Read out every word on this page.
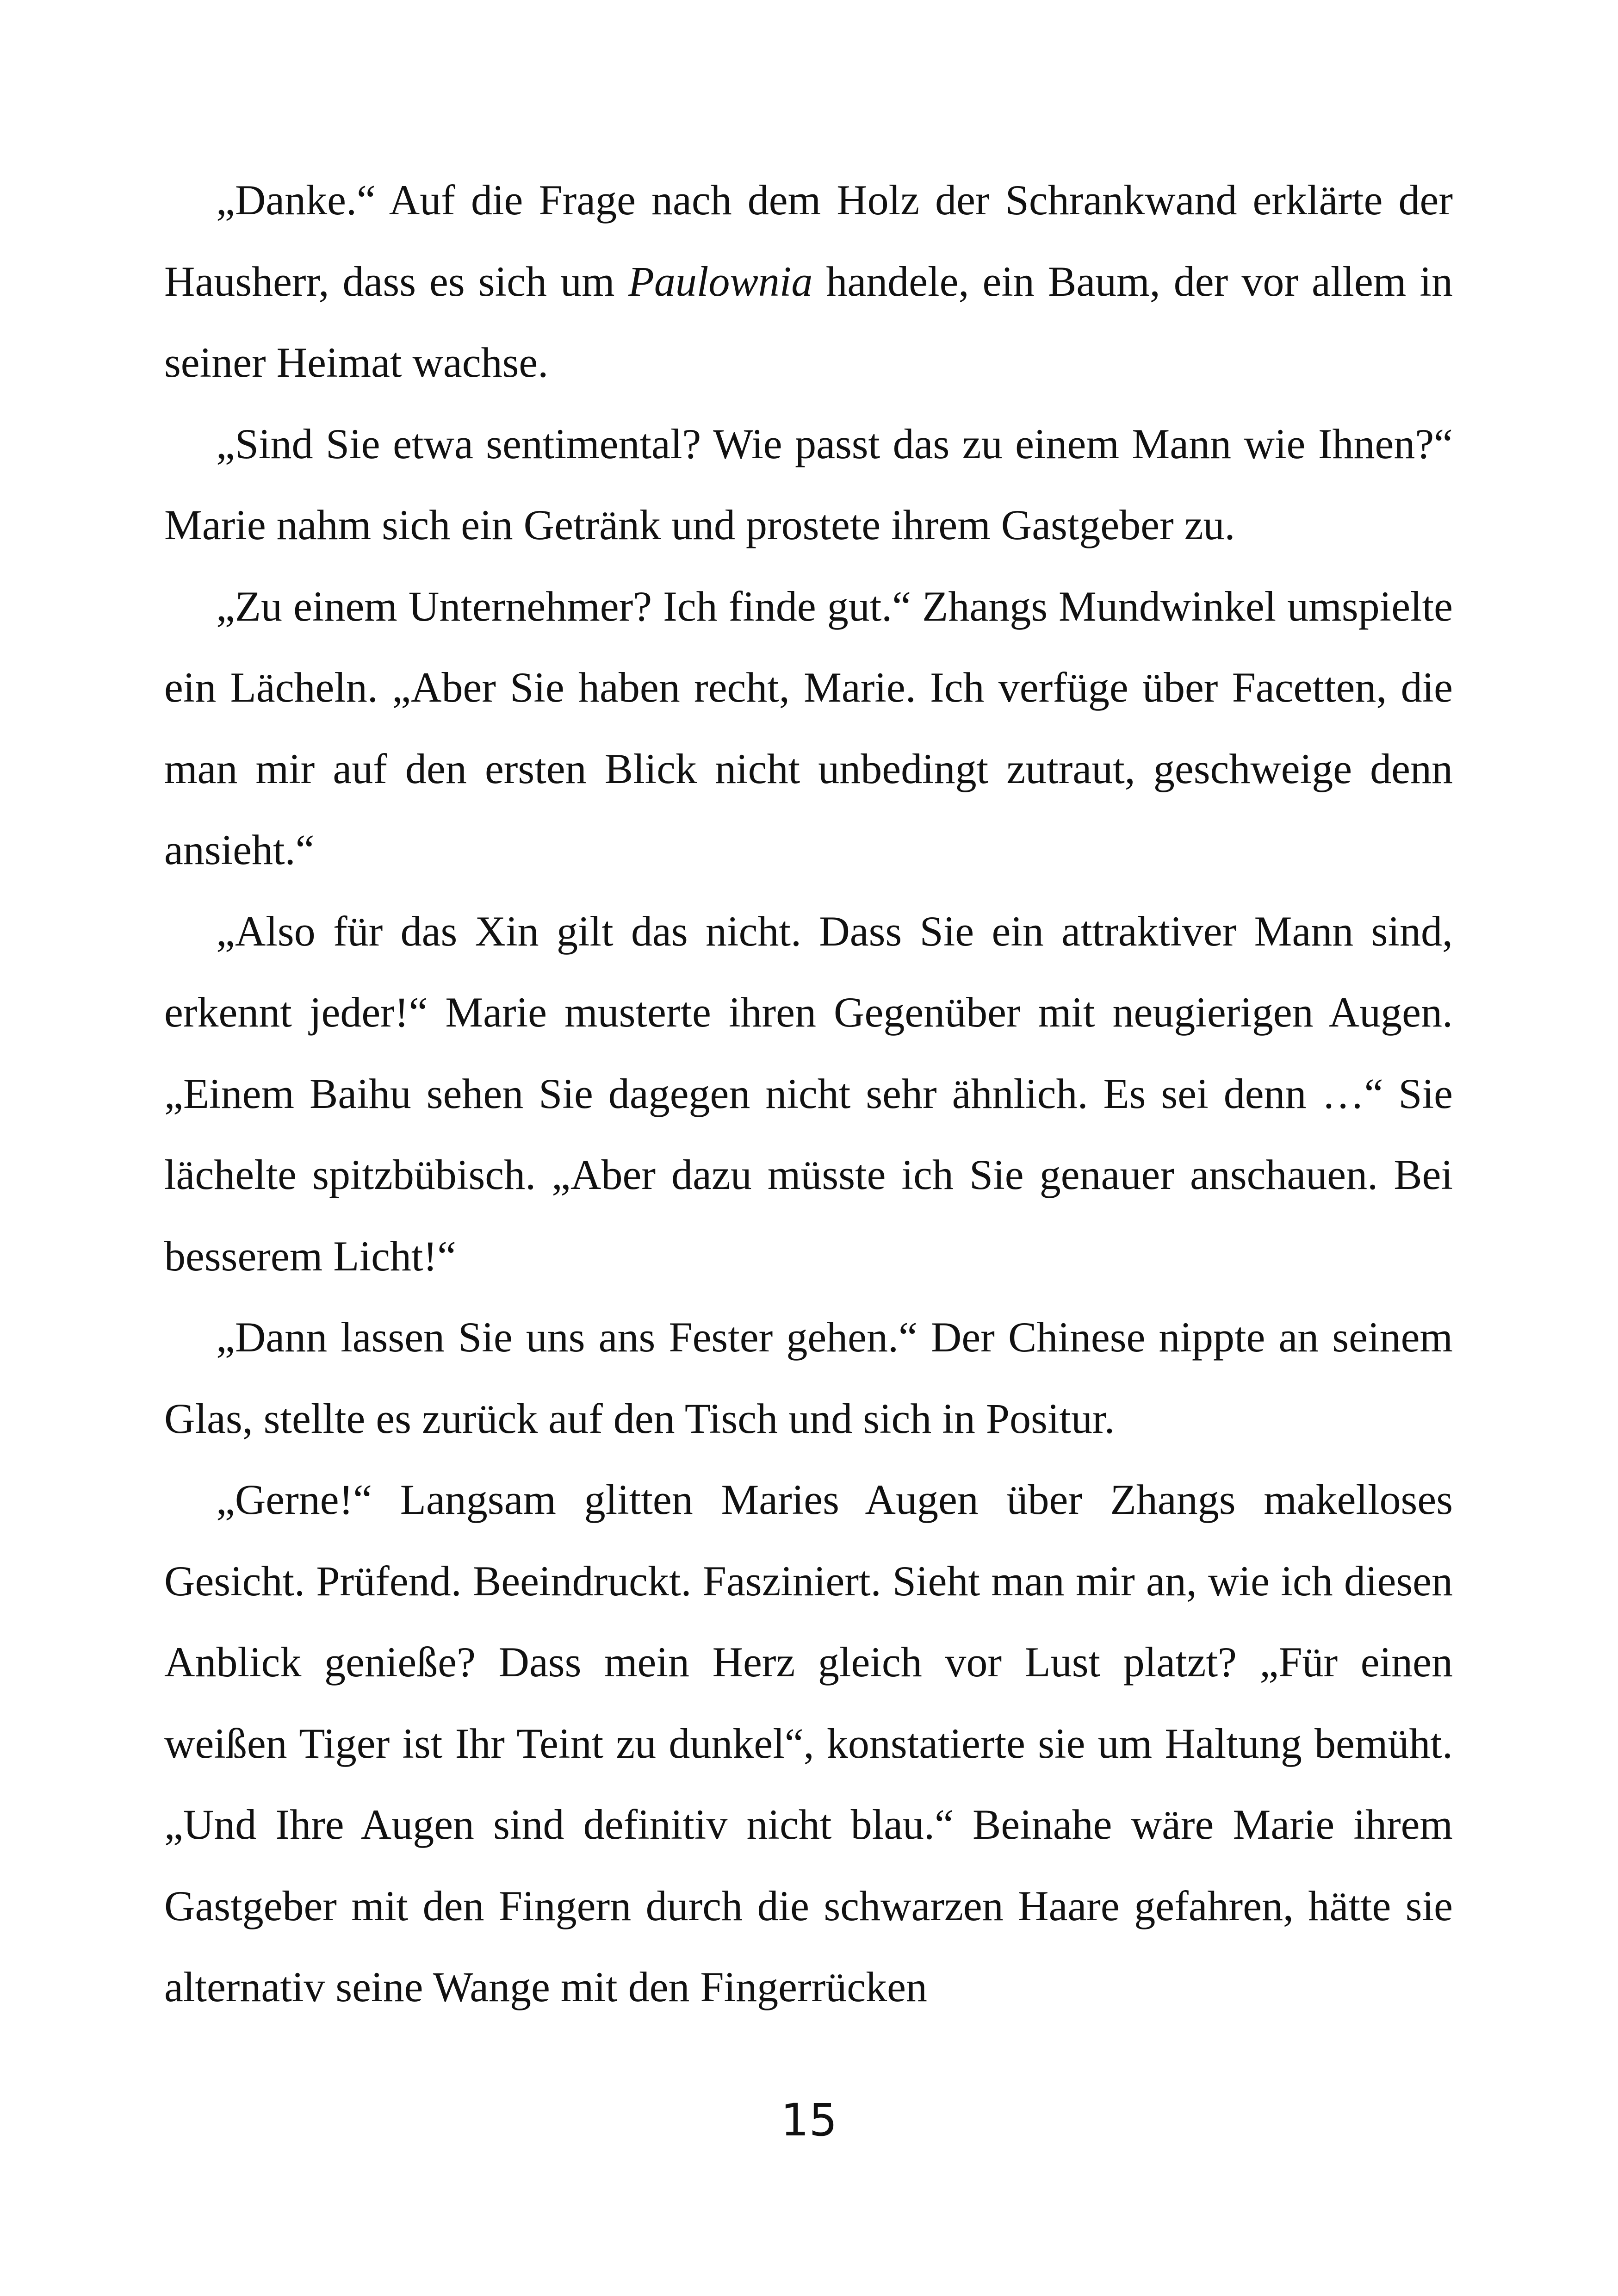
„Danke.“ Auf die Frage nach dem Holz der Schrankwand erklärte der Hausherr, dass es sich um Paulownia handele, ein Baum, der vor allem in seiner Heimat wachse.

„Sind Sie etwa sentimental? Wie passt das zu einem Mann wie Ihnen?“ Marie nahm sich ein Getränk und prostete ihrem Gastgeber zu.

„Zu einem Unternehmer? Ich finde gut.“ Zhangs Mundwinkel umspielte ein Lächeln. „Aber Sie haben recht, Marie. Ich verfüge über Facetten, die man mir auf den ersten Blick nicht unbedingt zutraut, geschweige denn ansieht.“

„Also für das Xin gilt das nicht. Dass Sie ein attraktiver Mann sind, erkennt jeder!“ Marie musterte ihren Gegenüber mit neugierigen Augen. „Einem Baihu sehen Sie dagegen nicht sehr ähnlich. Es sei denn …“ Sie lächelte spitzbübisch. „Aber dazu müsste ich Sie genauer anschauen. Bei besserem Licht!“

„Dann lassen Sie uns ans Fester gehen.“ Der Chinese nippte an seinem Glas, stellte es zurück auf den Tisch und sich in Positur.

„Gerne!“ Langsam glitten Maries Augen über Zhangs makelloses Gesicht. Prüfend. Beeindruckt. Fasziniert. Sieht man mir an, wie ich diesen Anblick genieße? Dass mein Herz gleich vor Lust platzt? „Für einen weißen Tiger ist Ihr Teint zu dunkel“, konstatierte sie um Haltung bemüht. „Und Ihre Augen sind definitiv nicht blau.“ Beinahe wäre Marie ihrem Gastgeber mit den Fingern durch die schwarzen Haare gefahren, hätte sie alternativ seine Wange mit den Fingerrücken

15
